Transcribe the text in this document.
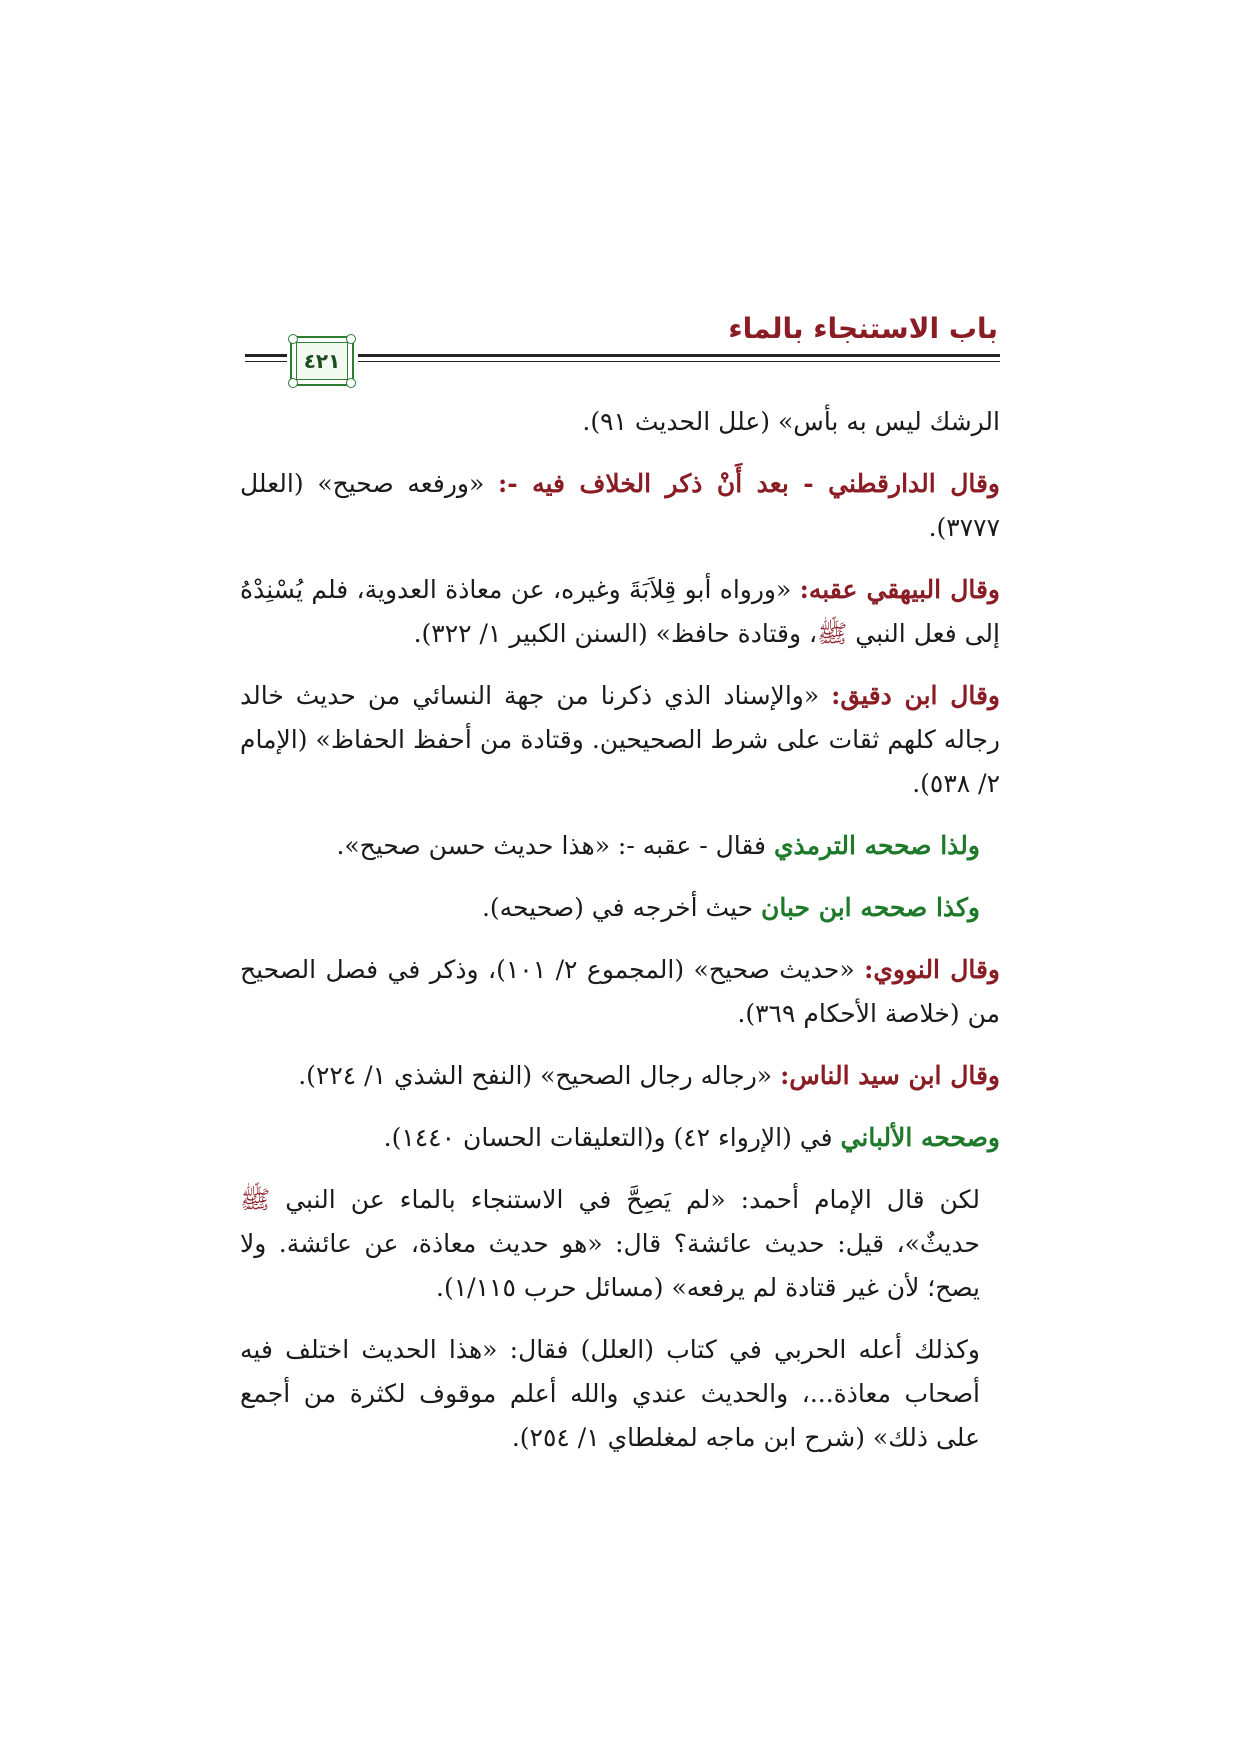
باب الاستنجاء بالماء
٤٢١

الرشك ليس به بأس» (علل الحديث ٩١).

وقال الدارقطني - بعد أَنْ ذكر الخلاف فيه -: «ورفعه صحيح» (العلل ٣٧٧٧).

وقال البيهقي عقبه: «ورواه أبو قِلاَبَةَ وغيره، عن معاذة العدوية، فلم يُسْنِدْهُ إلى فعل النبي ﷺ، وقتادة حافظ» (السنن الكبير ١/ ٣٢٢).

وقال ابن دقيق: «والإسناد الذي ذكرنا من جهة النسائي من حديث خالد رجاله كلهم ثقات على شرط الصحيحين. وقتادة من أحفظ الحفاظ» (الإمام ٢/ ٥٣٨).

ولذا صححه الترمذي فقال - عقبه -: «هذا حديث حسن صحيح».

وكذا صححه ابن حبان حيث أخرجه في (صحيحه).

وقال النووي: «حديث صحيح» (المجموع ٢/ ١٠١)، وذكر في فصل الصحيح من (خلاصة الأحكام ٣٦٩).

وقال ابن سيد الناس: «رجاله رجال الصحيح» (النفح الشذي ١/ ٢٢٤).

وصححه الألباني في (الإرواء ٤٢) و(التعليقات الحسان ١٤٤٠).

لكن قال الإمام أحمد: «لم يَصِحَّ في الاستنجاء بالماء عن النبي ﷺ حديثٌ»، قيل: حديث عائشة؟ قال: «هو حديث معاذة، عن عائشة. ولا يصح؛ لأن غير قتادة لم يرفعه» (مسائل حرب ١/١١٥).

وكذلك أعله الحربي في كتاب (العلل) فقال: «هذا الحديث اختلف فيه أصحاب معاذة...، والحديث عندي والله أعلم موقوف لكثرة من أجمع على ذلك» (شرح ابن ماجه لمغلطاي ١/ ٢٥٤).
